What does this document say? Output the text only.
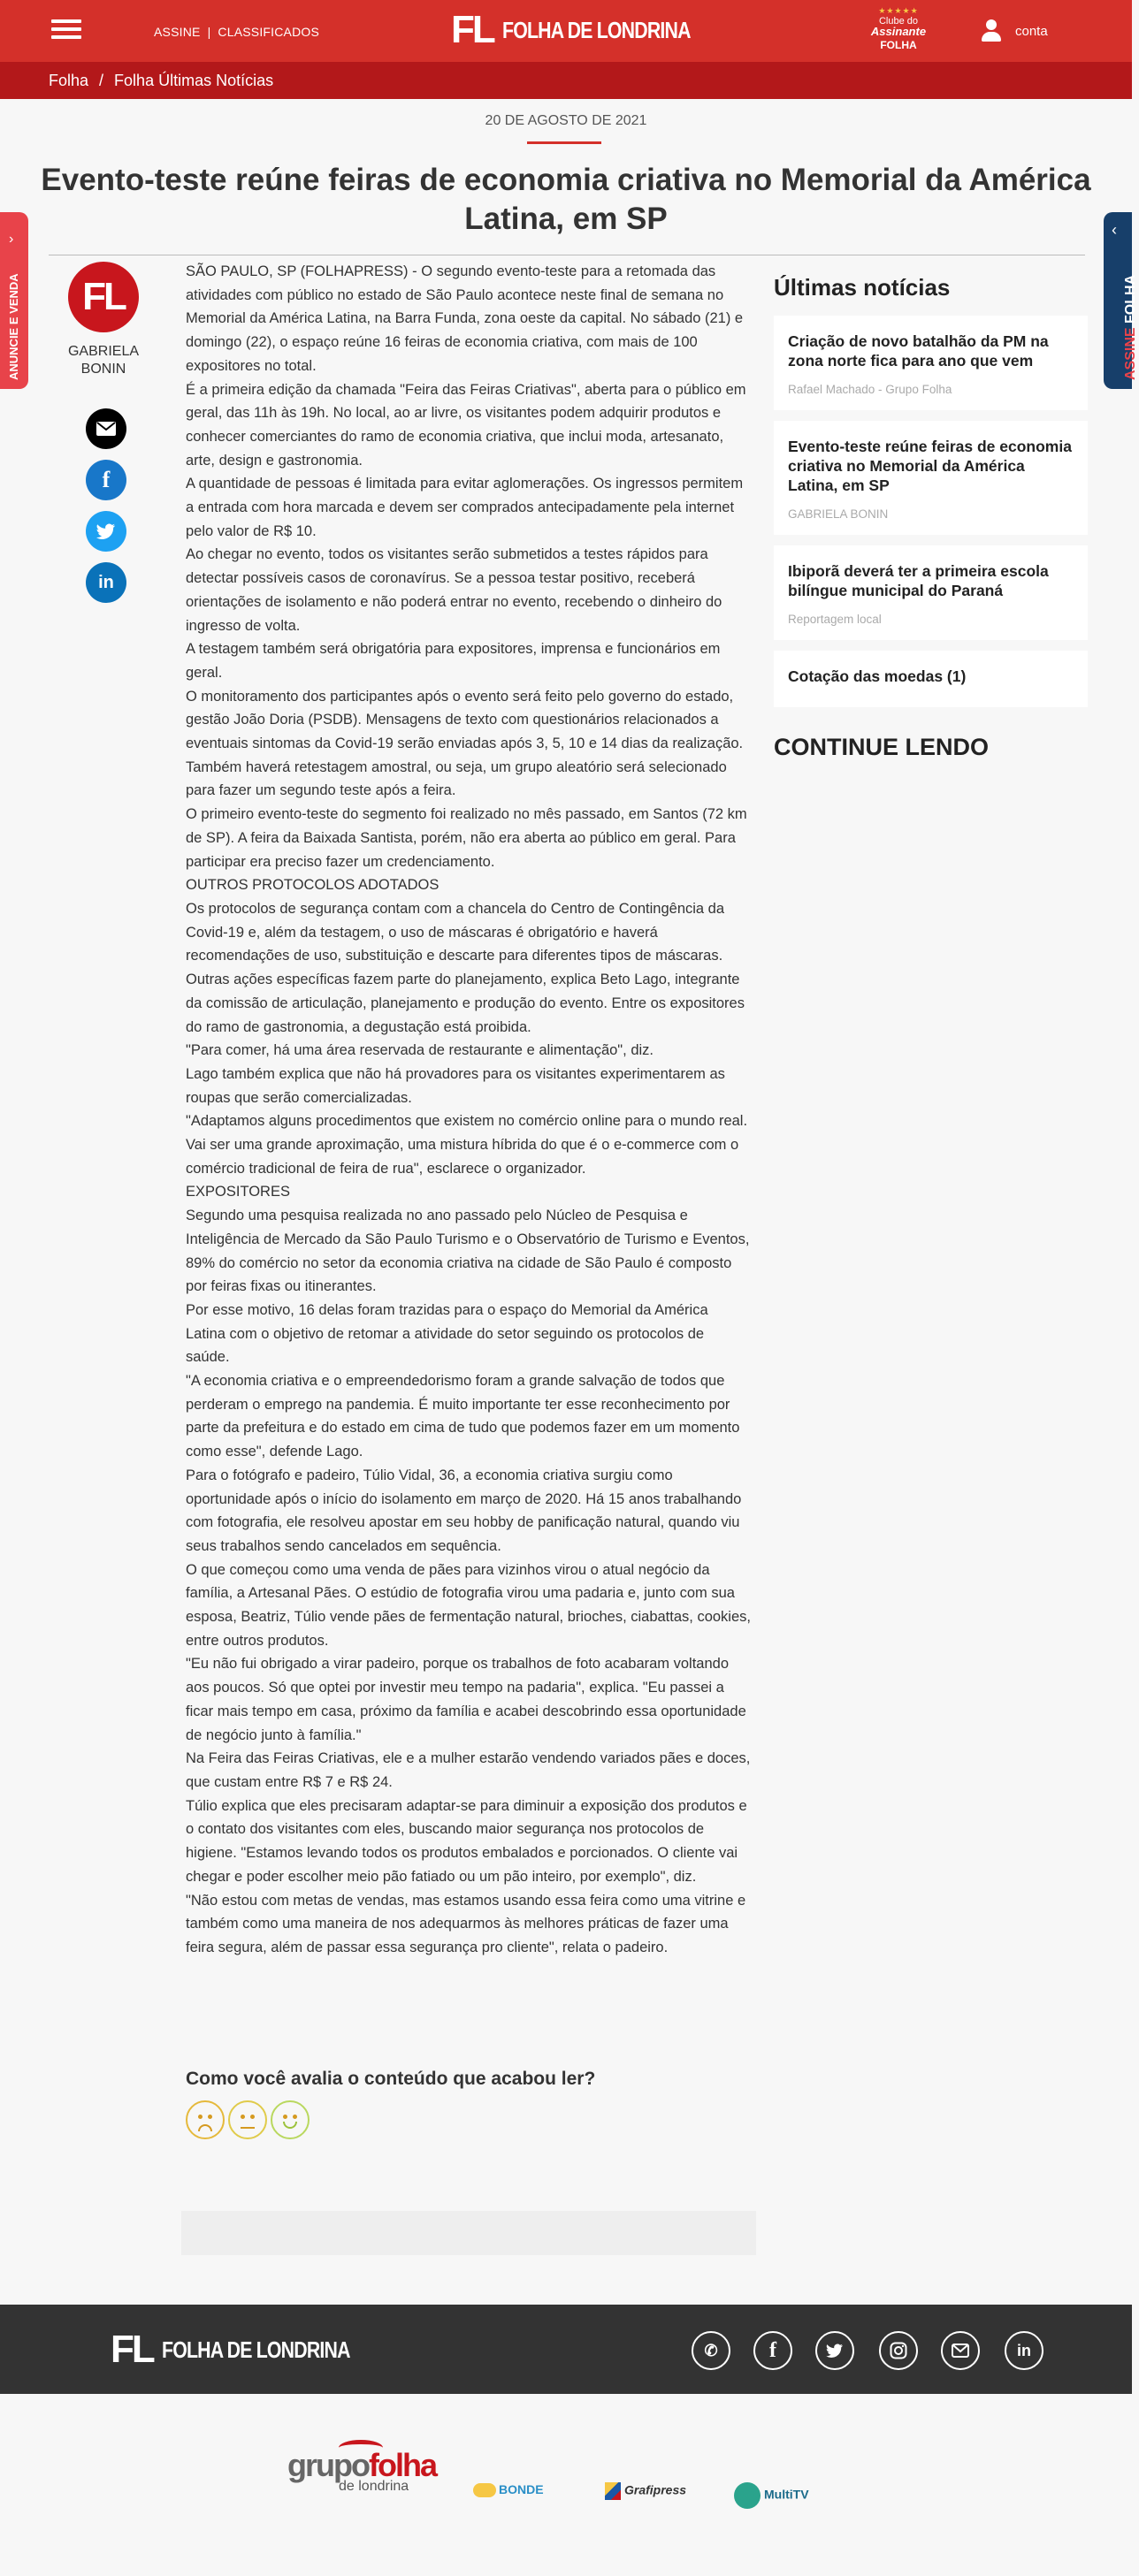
ASSINE | CLASSIFICADOS	FL FOLHA DE LONDRINA
★★★★★
Clube do
Assinante
FOLHA
conta
Folha / Folha Últimas Notícias
›
ANUNCIE E VENDA
‹
ASSINE FOLHA
20 DE AGOSTO DE 2021
Evento-teste reúne feiras de economia criativa no Memorial da América Latina, em SP
FL
GABRIELA BONIN
f
in

SÃO PAULO, SP (FOLHAPRESS) - O segundo evento-teste para a retomada das atividades com público no estado de São Paulo acontece neste final de semana no Memorial da América Latina, na Barra Funda, zona oeste da capital. No sábado (21) e domingo (22), o espaço reúne 16 feiras de economia criativa, com mais de 100 expositores no total.

É a primeira edição da chamada "Feira das Feiras Criativas", aberta para o público em geral, das 11h às 19h. No local, ao ar livre, os visitantes podem adquirir produtos e conhecer comerciantes do ramo de economia criativa, que inclui moda, artesanato, arte, design e gastronomia.

A quantidade de pessoas é limitada para evitar aglomerações. Os ingressos permitem a entrada com hora marcada e devem ser comprados antecipadamente pela internet pelo valor de R$ 10.

Ao chegar no evento, todos os visitantes serão submetidos a testes rápidos para detectar possíveis casos de coronavírus. Se a pessoa testar positivo, receberá orientações de isolamento e não poderá entrar no evento, recebendo o dinheiro do ingresso de volta.

A testagem também será obrigatória para expositores, imprensa e funcionários em geral.

O monitoramento dos participantes após o evento será feito pelo governo do estado, gestão João Doria (PSDB). Mensagens de texto com questionários relacionados a eventuais sintomas da Covid-19 serão enviadas após 3, 5, 10 e 14 dias da realização. Também haverá retestagem amostral, ou seja, um grupo aleatório será selecionado para fazer um segundo teste após a feira.

O primeiro evento-teste do segmento foi realizado no mês passado, em Santos (72 km de SP). A feira da Baixada Santista, porém, não era aberta ao público em geral. Para participar era preciso fazer um credenciamento.

OUTROS PROTOCOLOS ADOTADOS

Os protocolos de segurança contam com a chancela do Centro de Contingência da Covid-19 e, além da testagem, o uso de máscaras é obrigatório e haverá recomendações de uso, substituição e descarte para diferentes tipos de máscaras.

Outras ações específicas fazem parte do planejamento, explica Beto Lago, integrante da comissão de articulação, planejamento e produção do evento. Entre os expositores do ramo de gastronomia, a degustação está proibida.

"Para comer, há uma área reservada de restaurante e alimentação", diz.

Lago também explica que não há provadores para os visitantes experimentarem as roupas que serão comercializadas.

"Adaptamos alguns procedimentos que existem no comércio online para o mundo real. Vai ser uma grande aproximação, uma mistura híbrida do que é o e-commerce com o comércio tradicional de feira de rua", esclarece o organizador.

EXPOSITORES

Segundo uma pesquisa realizada no ano passado pelo Núcleo de Pesquisa e Inteligência de Mercado da São Paulo Turismo e o Observatório de Turismo e Eventos, 89% do comércio no setor da economia criativa na cidade de São Paulo é composto por feiras fixas ou itinerantes.

Por esse motivo, 16 delas foram trazidas para o espaço do Memorial da América Latina com o objetivo de retomar a atividade do setor seguindo os protocolos de saúde.

"A economia criativa e o empreendedorismo foram a grande salvação de todos que perderam o emprego na pandemia. É muito importante ter esse reconhecimento por parte da prefeitura e do estado em cima de tudo que podemos fazer em um momento como esse", defende Lago.

Para o fotógrafo e padeiro, Túlio Vidal, 36, a economia criativa surgiu como oportunidade após o início do isolamento em março de 2020. Há 15 anos trabalhando com fotografia, ele resolveu apostar em seu hobby de panificação natural, quando viu seus trabalhos sendo cancelados em sequência.

O que começou como uma venda de pães para vizinhos virou o atual negócio da família, a Artesanal Pães. O estúdio de fotografia virou uma padaria e, junto com sua esposa, Beatriz, Túlio vende pães de fermentação natural, brioches, ciabattas, cookies, entre outros produtos.

"Eu não fui obrigado a virar padeiro, porque os trabalhos de foto acabaram voltando aos poucos. Só que optei por investir meu tempo na padaria", explica. "Eu passei a ficar mais tempo em casa, próximo da família e acabei descobrindo essa oportunidade de negócio junto à família."

Na Feira das Feiras Criativas, ele e a mulher estarão vendendo variados pães e doces, que custam entre R$ 7 e R$ 24.

Túlio explica que eles precisaram adaptar-se para diminuir a exposição dos produtos e o contato dos visitantes com eles, buscando maior segurança nos protocolos de higiene. "Estamos levando todos os produtos embalados e porcionados. O cliente vai chegar e poder escolher meio pão fatiado ou um pão inteiro, por exemplo", diz.

"Não estou com metas de vendas, mas estamos usando essa feira como uma vitrine e também como uma maneira de nos adequarmos às melhores práticas de fazer uma feira segura, além de passar essa segurança pro cliente", relata o padeiro.

Como você avalia o conteúdo que acabou ler?
Últimas notícias
Criação de novo batalhão da PM na zona norte fica para ano que vem
Rafael Machado - Grupo Folha
Evento-teste reúne feiras de economia criativa no Memorial da América Latina, em SP
GABRIELA BONIN
Ibiporã deverá ter a primeira escola bilíngue municipal do Paraná
Reportagem local
Cotação das moedas (1)
CONTINUE LENDO
FL FOLHA DE LONDRINA	✆	f	in
grupofolha
de londrina	BONDE	Grafipress	MultiTV
